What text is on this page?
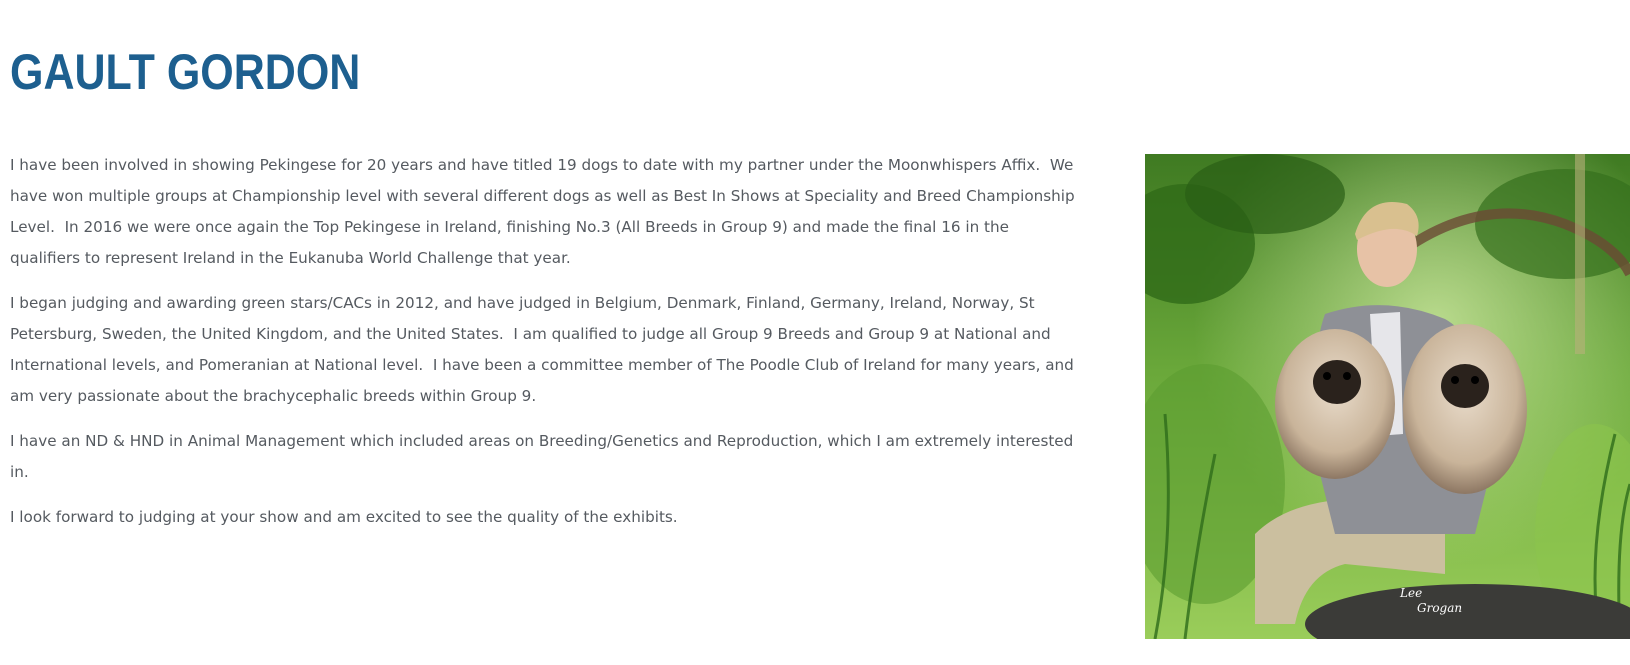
GAULT GORDON

I have been involved in showing Pekingese for 20 years and have titled 19 dogs to date with my partner under the Moonwhispers Affix.  We have won multiple groups at Championship level with several different dogs as well as Best In Shows at Speciality and Breed Championship Level.  In 2016 we were once again the Top Pekingese in Ireland, finishing No.3 (All Breeds in Group 9) and made the final 16 in the qualifiers to represent Ireland in the Eukanuba World Challenge that year.

I began judging and awarding green stars/CACs in 2012, and have judged in Belgium, Denmark, Finland, Germany, Ireland, Norway, St Petersburg, Sweden, the United Kingdom, and the United States.  I am qualified to judge all Group 9 Breeds and Group 9 at National and International levels, and Pomeranian at National level.  I have been a committee member of The Poodle Club of Ireland for many years, and am very passionate about the brachycephalic breeds within Group 9.

I have an ND & HND in Animal Management which included areas on Breeding/Genetics and Reproduction, which I am extremely interested in.

I look forward to judging at your show and am excited to see the quality of the exhibits.

Lee
Grogan
